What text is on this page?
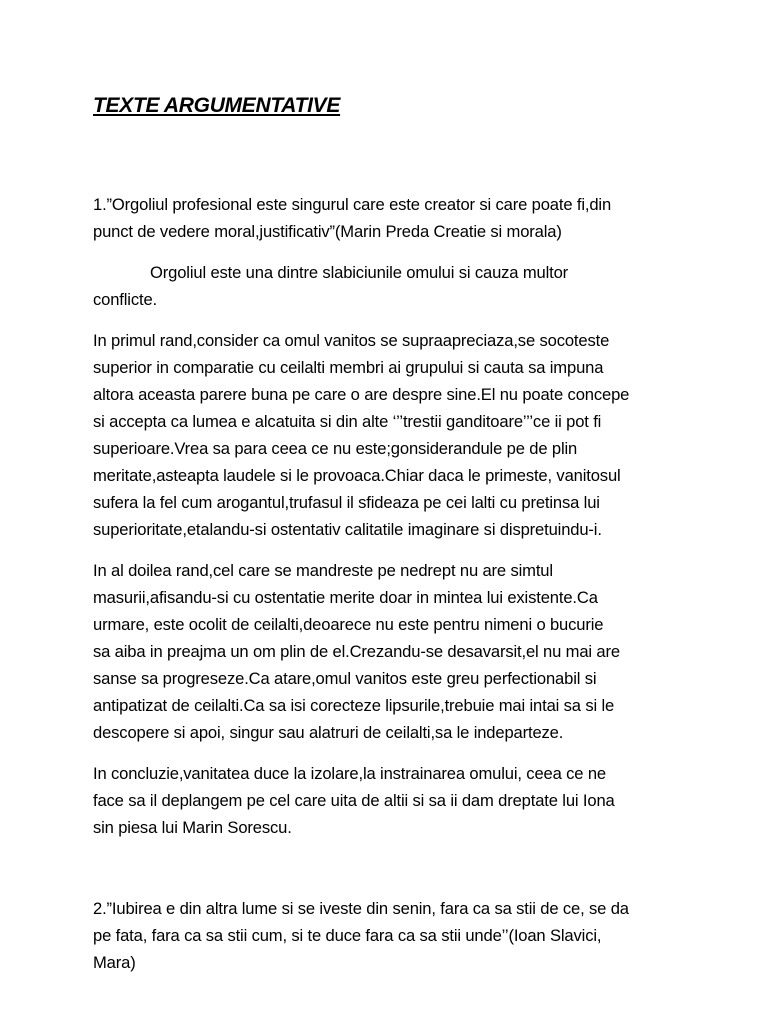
TEXTE ARGUMENTATIVE
1.”Orgoliul profesional este singurul care este creator si care poate fi,din
punct de vedere moral,justificativ”(Marin Preda Creatie si morala)
Orgoliul este una dintre slabiciunile omului si cauza multor
conflicte.
In primul rand,consider ca omul vanitos se supraapreciaza,se socoteste
superior in comparatie cu ceilalti membri ai grupului si cauta sa impuna
altora aceasta parere buna pe care o are despre sine.El nu poate concepe
si accepta ca lumea e alcatuita si din alte ‘’’trestii ganditoare’’’ce ii pot fi
superioare.Vrea sa para ceea ce nu este;gonsiderandule pe de plin
meritate,asteapta laudele si le provoaca.Chiar daca le primeste, vanitosul
sufera la fel cum arogantul,trufasul il sfideaza pe cei lalti cu pretinsa lui
superioritate,etalandu-si ostentativ calitatile imaginare si dispretuindu-i.
In al doilea rand,cel care se mandreste pe nedrept nu are simtul
masurii,afisandu-si cu ostentatie merite doar in mintea lui existente.Ca
urmare, este ocolit de ceilalti,deoarece nu este pentru nimeni o bucurie
sa aiba in preajma un om plin de el.Crezandu-se desavarsit,el nu mai are
sanse sa progreseze.Ca atare,omul vanitos este greu perfectionabil si
antipatizat de ceilalti.Ca sa isi corecteze lipsurile,trebuie mai intai sa si le
descopere si apoi, singur sau alatruri de ceilalti,sa le indeparteze.
In concluzie,vanitatea duce la izolare,la instrainarea omului, ceea ce ne
face sa il deplangem pe cel care uita de altii si sa ii dam dreptate lui Iona
sin piesa lui Marin Sorescu.
2.”Iubirea e din altra lume si se iveste din senin, fara ca sa stii de ce, se da
pe fata, fara ca sa stii cum, si te duce fara ca sa stii unde’’(Ioan Slavici,
Mara)
